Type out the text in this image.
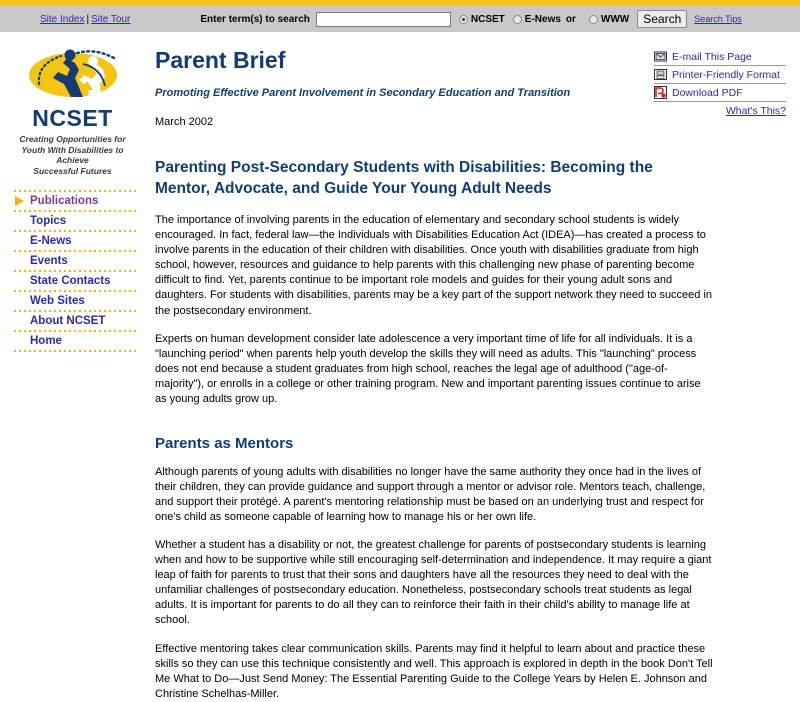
Site Index | Site Tour	Enter term(s) to search	NCSET E-News or	WWW	Search	Search Tips
NCSET
Creating Opportunities for
Youth With Disabilities to Achieve
Successful Futures
Publications
Topics
E-News
Events
State Contacts
Web Sites
About NCSET
Home
Parent Brief
Promoting Effective Parent Involvement in Secondary Education and Transition
March 2002
E-mail This Page
Printer-Friendly Format
Download PDF
What's This?
Parenting Post-Secondary Students with Disabilities: Becoming the Mentor, Advocate, and Guide Your Young Adult Needs

The importance of involving parents in the education of elementary and secondary school students is widely encouraged. In fact, federal law—the Individuals with Disabilities Education Act (IDEA)—has created a process to involve parents in the education of their children with disabilities. Once youth with disabilities graduate from high school, however, resources and guidance to help parents with this challenging new phase of parenting become difficult to find. Yet, parents continue to be important role models and guides for their young adult sons and daughters. For students with disabilities, parents may be a key part of the support network they need to succeed in the postsecondary environment.

Experts on human development consider late adolescence a very important time of life for all individuals. It is a "launching period" when parents help youth develop the skills they will need as adults. This "launching" process does not end because a student graduates from high school, reaches the legal age of adulthood ("age-of-majority"), or enrolls in a college or other training program. New and important parenting issues continue to arise as young adults grow up.

Parents as Mentors

Although parents of young adults with disabilities no longer have the same authority they once had in the lives of their children, they can provide guidance and support through a mentor or advisor role. Mentors teach, challenge, and support their protégé. A parent's mentoring relationship must be based on an underlying trust and respect for one's child as someone capable of learning how to manage his or her own life.

Whether a student has a disability or not, the greatest challenge for parents of postsecondary students is learning when and how to be supportive while still encouraging self-determination and independence. It may require a giant leap of faith for parents to trust that their sons and daughters have all the resources they need to deal with the unfamiliar challenges of postsecondary education. Nonetheless, postsecondary schools treat students as legal adults. It is important for parents to do all they can to reinforce their faith in their child's ability to manage life at school.

Effective mentoring takes clear communication skills. Parents may find it helpful to learn about and practice these skills so they can use this technique consistently and well. This approach is explored in depth in the book Don't Tell Me What to Do—Just Send Money: The Essential Parenting Guide to the College Years by Helen E. Johnson and Christine Schelhas-Miller.
